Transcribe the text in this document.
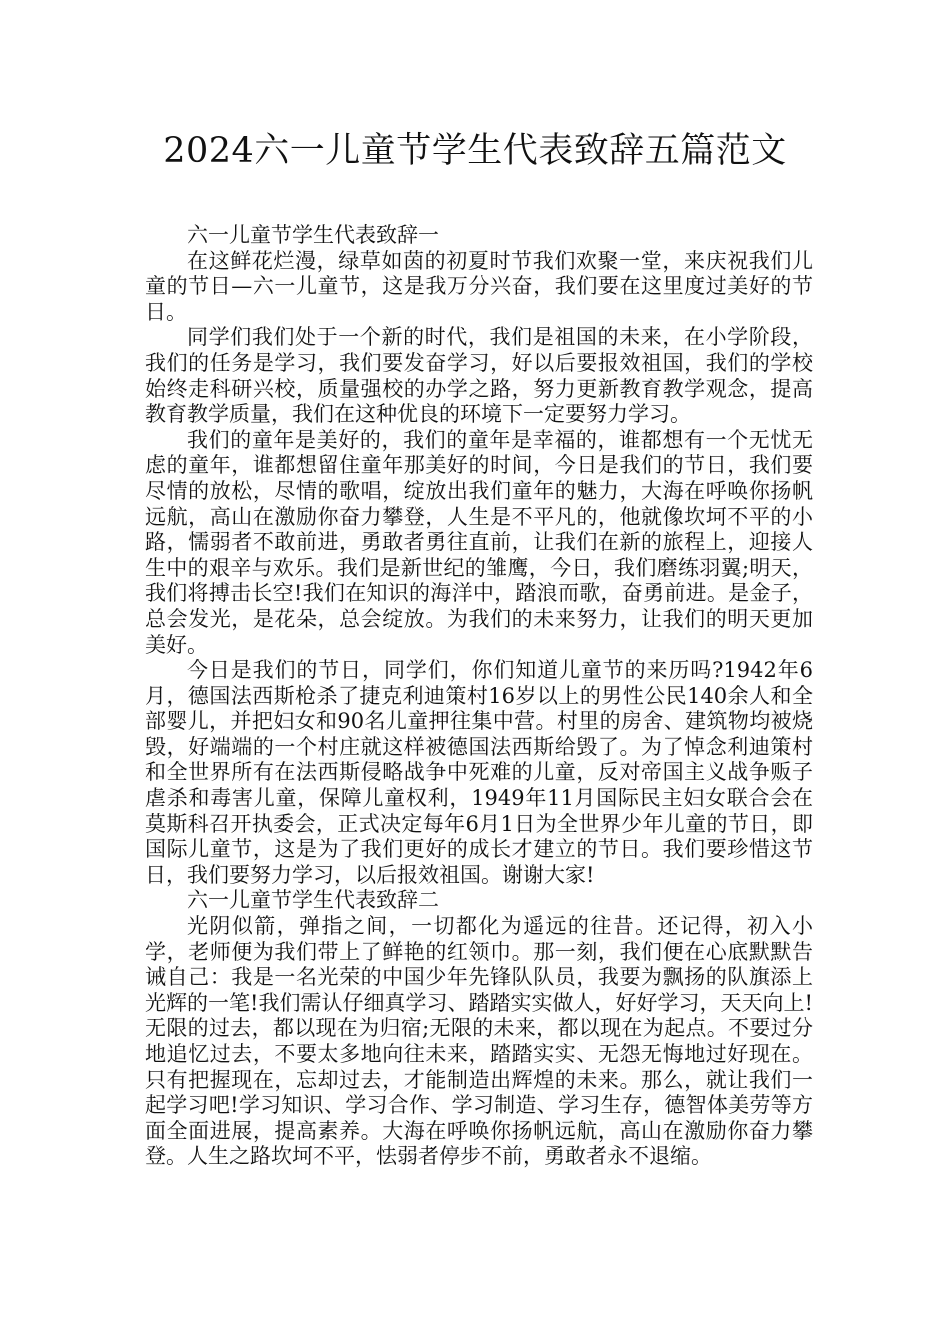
2024六一儿童节学生代表致辞五篇范文
六一儿童节学生代表致辞一

在这鲜花烂漫，绿草如茵的初夏时节我们欢聚一堂，来庆祝我们儿童的节日—六一儿童节，这是我万分兴奋，我们要在这里度过美好的节日。

同学们我们处于一个新的时代，我们是祖国的未来，在小学阶段，我们的任务是学习，我们要发奋学习，好以后要报效祖国，我们的学校始终走科研兴校，质量强校的办学之路，努力更新教育教学观念，提高教育教学质量，我们在这种优良的环境下一定要努力学习。

我们的童年是美好的，我们的童年是幸福的，谁都想有一个无忧无虑的童年，谁都想留住童年那美好的时间，今日是我们的节日，我们要尽情的放松，尽情的歌唱，绽放出我们童年的魅力，大海在呼唤你扬帆远航，高山在激励你奋力攀登，人生是不平凡的，他就像坎坷不平的小路，懦弱者不敢前进，勇敢者勇往直前，让我们在新的旅程上，迎接人生中的艰辛与欢乐。我们是新世纪的雏鹰，今日，我们磨练羽翼;明天，我们将搏击长空!我们在知识的海洋中，踏浪而歌，奋勇前进。是金子，总会发光，是花朵，总会绽放。为我们的未来努力，让我们的明天更加美好。

今日是我们的节日，同学们，你们知道儿童节的来历吗?1942年6月，德国法西斯枪杀了捷克利迪策村16岁以上的男性公民140余人和全部婴儿，并把妇女和90名儿童押往集中营。村里的房舍、建筑物均被烧毁，好端端的一个村庄就这样被德国法西斯给毁了。为了悼念利迪策村和全世界所有在法西斯侵略战争中死难的儿童，反对帝国主义战争贩子虐杀和毒害儿童，保障儿童权利，1949年11月国际民主妇女联合会在莫斯科召开执委会，正式决定每年6月1日为全世界少年儿童的节日，即国际儿童节，这是为了我们更好的成长才建立的节日。我们要珍惜这节日，我们要努力学习，以后报效祖国。谢谢大家!

六一儿童节学生代表致辞二

光阴似箭，弹指之间，一切都化为遥远的往昔。还记得，初入小学，老师便为我们带上了鲜艳的红领巾。那一刻，我们便在心底默默告诫自己：我是一名光荣的中国少年先锋队队员，我要为飘扬的队旗添上光辉的一笔!我们需认仔细真学习、踏踏实实做人，好好学习，天天向上! 无限的过去，都以现在为归宿;无限的未来，都以现在为起点。不要过分地追忆过去，不要太多地向往未来，踏踏实实、无怨无悔地过好现在。只有把握现在，忘却过去，才能制造出辉煌的未来。那么，就让我们一起学习吧!学习知识、学习合作、学习制造、学习生存，德智体美劳等方面全面进展，提高素养。大海在呼唤你扬帆远航，高山在激励你奋力攀登。人生之路坎坷不平，怯弱者停步不前，勇敢者永不退缩。
